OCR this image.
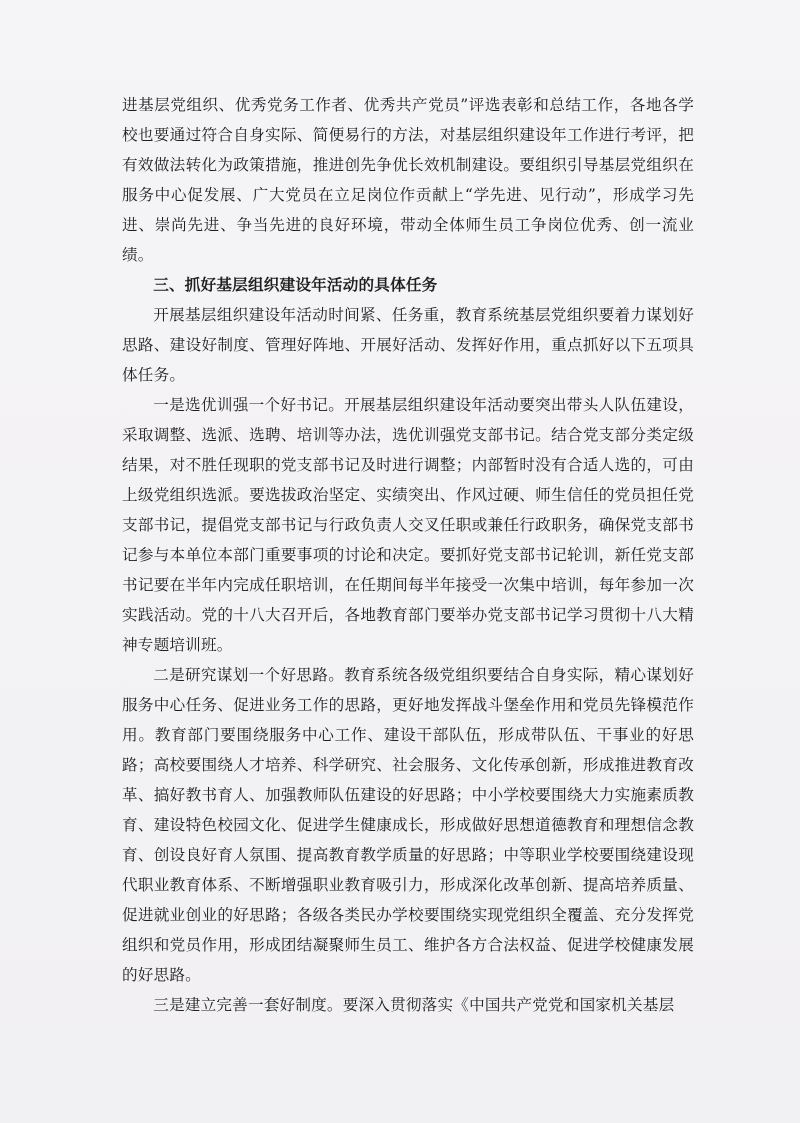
进基层党组织、优秀党务工作者、优秀共产党员”评选表彰和总结工作，各地各学校也要通过符合自身实际、简便易行的方法，对基层组织建设年工作进行考评，把有效做法转化为政策措施，推进创先争优长效机制建设。要组织引导基层党组织在服务中心促发展、广大党员在立足岗位作贡献上“学先进、见行动”，形成学习先进、崇尚先进、争当先进的良好环境，带动全体师生员工争岗位优秀、创一流业绩。

三、抓好基层组织建设年活动的具体任务

开展基层组织建设年活动时间紧、任务重，教育系统基层党组织要着力谋划好思路、建设好制度、管理好阵地、开展好活动、发挥好作用，重点抓好以下五项具体任务。

一是选优训强一个好书记。开展基层组织建设年活动要突出带头人队伍建设，采取调整、选派、选聘、培训等办法，选优训强党支部书记。结合党支部分类定级结果，对不胜任现职的党支部书记及时进行调整；内部暂时没有合适人选的，可由上级党组织选派。要选拔政治坚定、实绩突出、作风过硬、师生信任的党员担任党支部书记，提倡党支部书记与行政负责人交叉任职或兼任行政职务，确保党支部书记参与本单位本部门重要事项的讨论和决定。要抓好党支部书记轮训，新任党支部书记要在半年内完成任职培训，在任期间每半年接受一次集中培训，每年参加一次实践活动。党的十八大召开后，各地教育部门要举办党支部书记学习贯彻十八大精神专题培训班。

二是研究谋划一个好思路。教育系统各级党组织要结合自身实际，精心谋划好服务中心任务、促进业务工作的思路，更好地发挥战斗堡垒作用和党员先锋模范作用。教育部门要围绕服务中心工作、建设干部队伍，形成带队伍、干事业的好思路；高校要围绕人才培养、科学研究、社会服务、文化传承创新，形成推进教育改革、搞好教书育人、加强教师队伍建设的好思路；中小学校要围绕大力实施素质教育、建设特色校园文化、促进学生健康成长，形成做好思想道德教育和理想信念教育、创设良好育人氛围、提高教育教学质量的好思路；中等职业学校要围绕建设现代职业教育体系、不断增强职业教育吸引力，形成深化改革创新、提高培养质量、促进就业创业的好思路；各级各类民办学校要围绕实现党组织全覆盖、充分发挥党组织和党员作用，形成团结凝聚师生员工、维护各方合法权益、促进学校健康发展的好思路。

三是建立完善一套好制度。要深入贯彻落实《中国共产党党和国家机关基层
